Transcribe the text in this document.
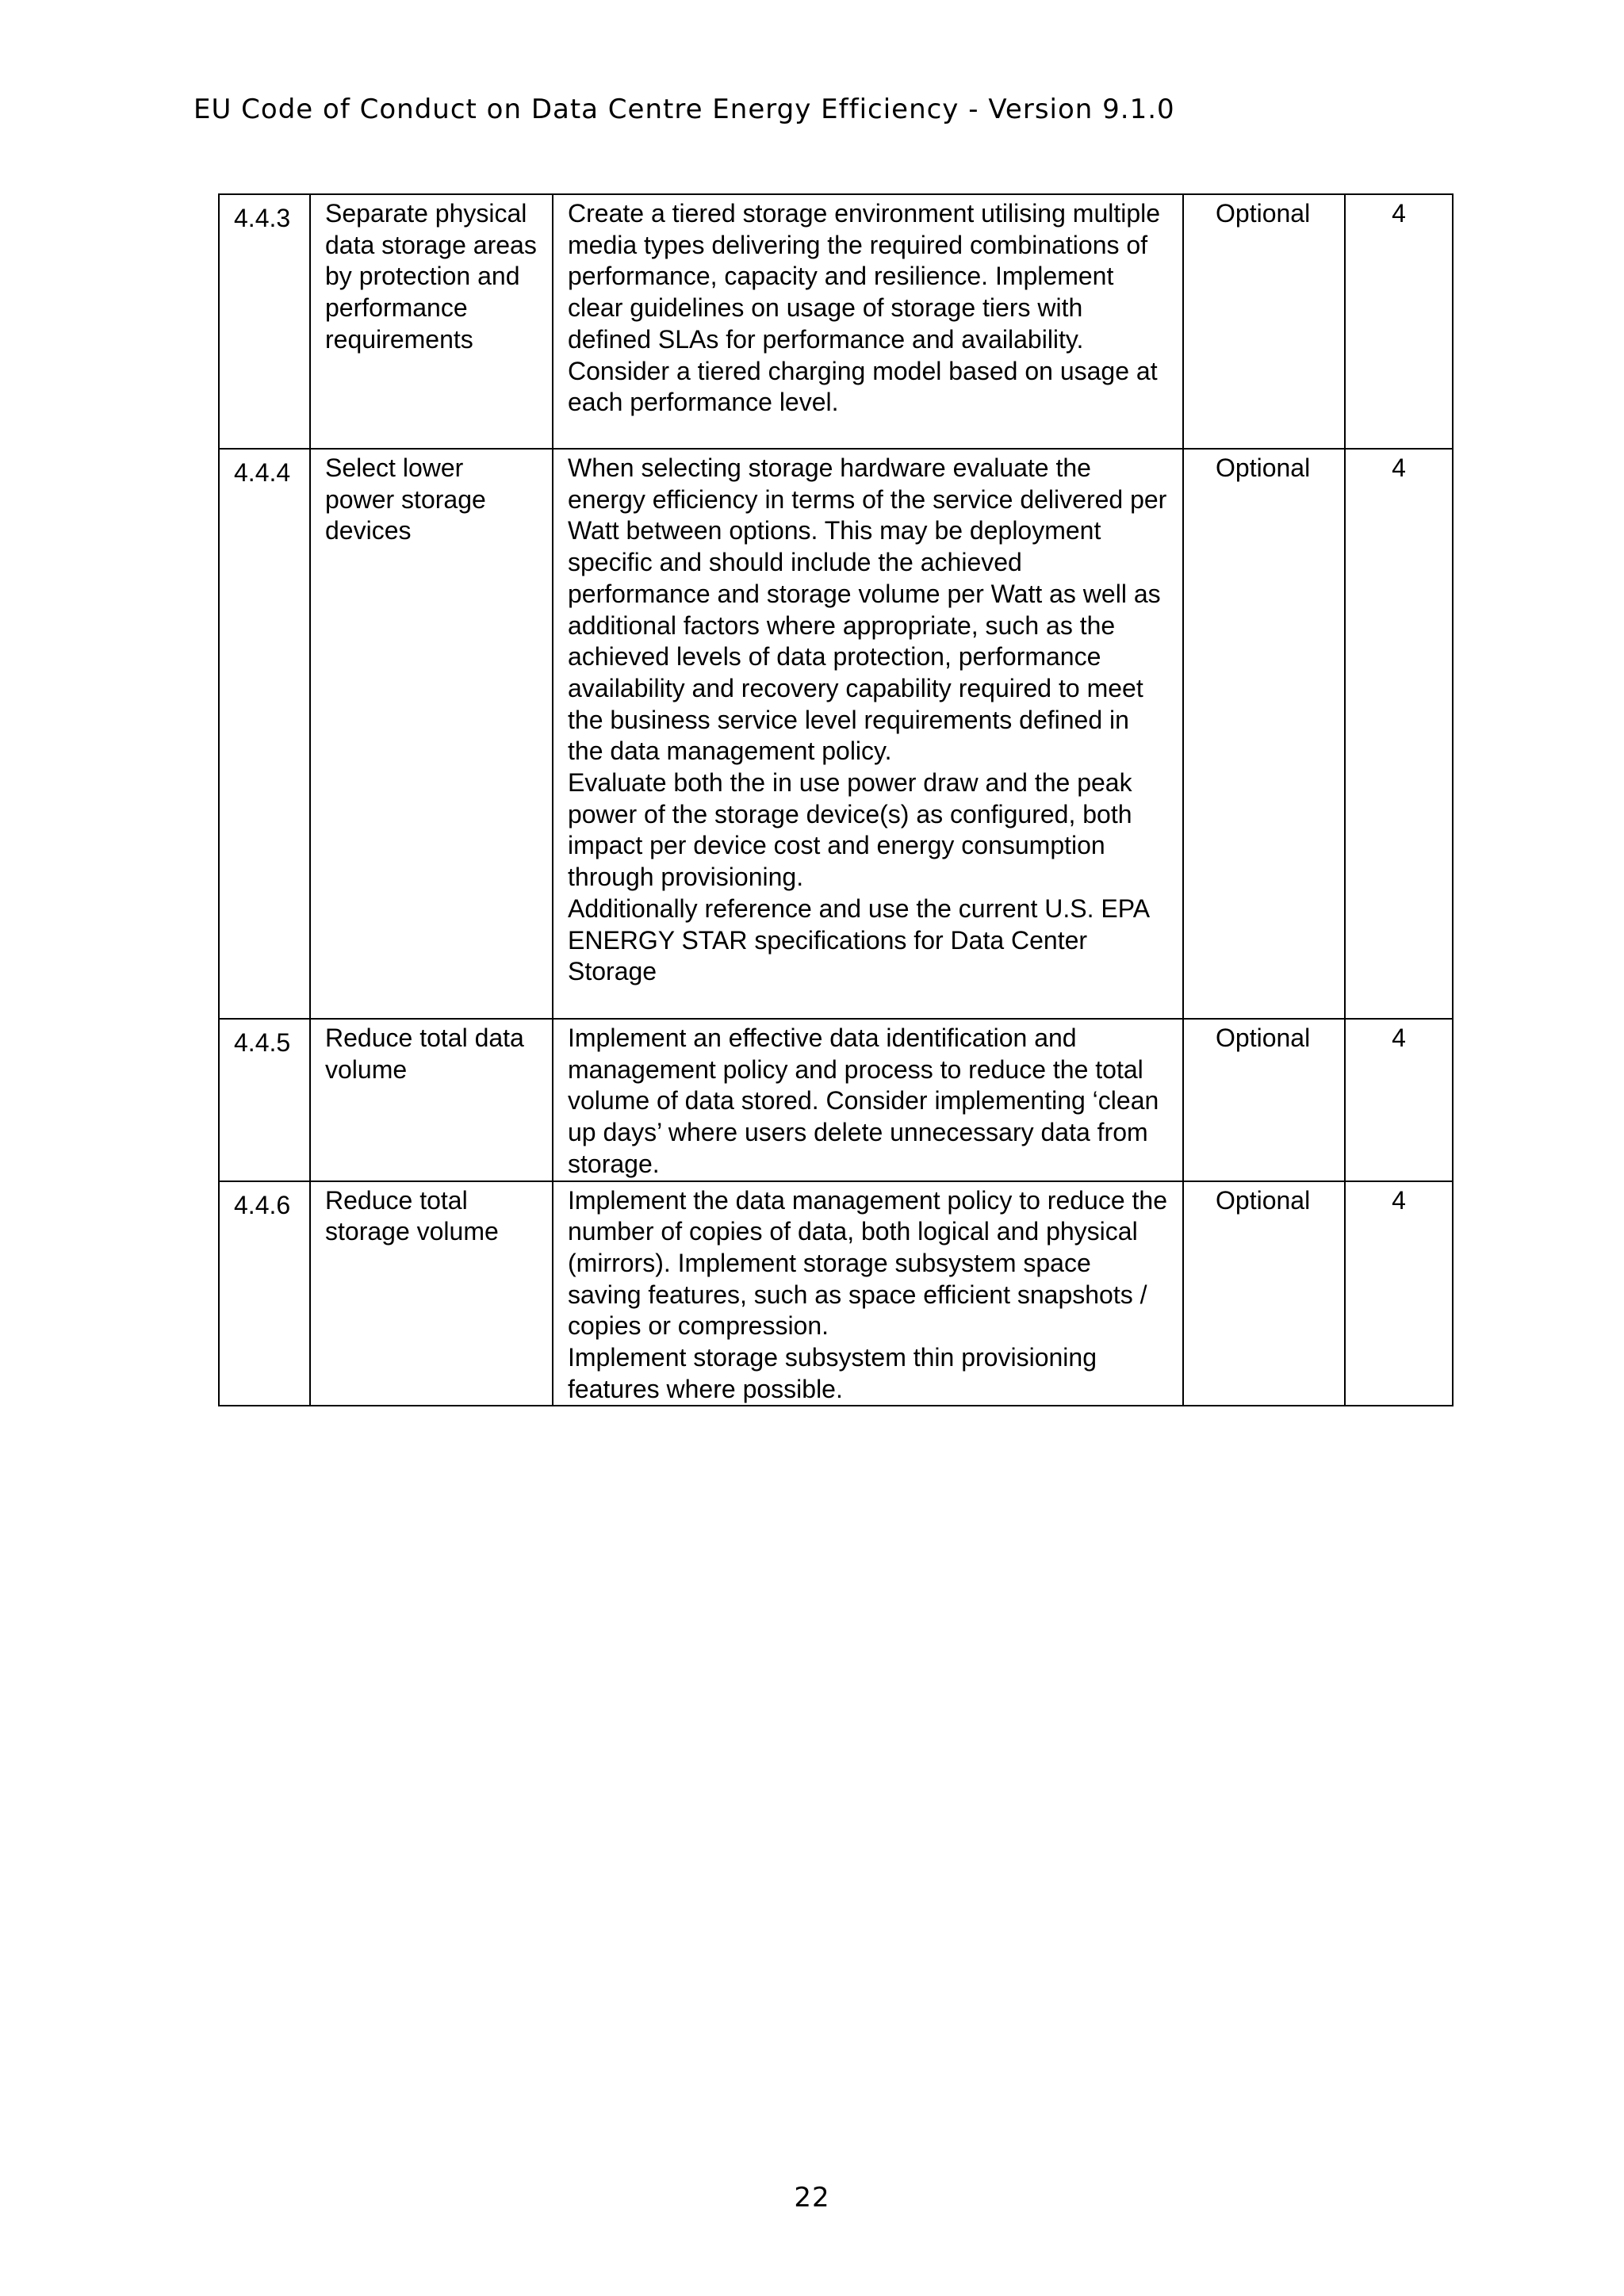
EU Code of Conduct on Data Centre Energy Efficiency - Version 9.1.0
4.4.3	Separate physical data storage areas by protection and performance requirements	Create a tiered storage environment utilising multiple media types delivering the required combinations of performance, capacity and resilience. Implement clear guidelines on usage of storage tiers with defined SLAs for performance and availability. Consider a tiered charging model based on usage at each performance level.	Optional	4
4.4.4	Select lower power storage devices	When selecting storage hardware evaluate the energy efficiency in terms of the service delivered per Watt between options. This may be deployment specific and should include the achieved performance and storage volume per Watt as well as additional factors where appropriate, such as the achieved levels of data protection, performance availability and recovery capability required to meet the business service level requirements defined in the data management policy.
Evaluate both the in use power draw and the peak power of the storage device(s) as configured, both impact per device cost and energy consumption through provisioning.
Additionally reference and use the current U.S. EPA ENERGY STAR specifications for Data Center Storage	Optional	4
4.4.5	Reduce total data volume	Implement an effective data identification and management policy and process to reduce the total volume of data stored. Consider implementing ‘clean up days’ where users delete unnecessary data from storage.	Optional	4
4.4.6	Reduce total storage volume	Implement the data management policy to reduce the number of copies of data, both logical and physical (mirrors). Implement storage subsystem space saving features, such as space efficient snapshots / copies or compression.
Implement storage subsystem thin provisioning features where possible.	Optional	4
22
